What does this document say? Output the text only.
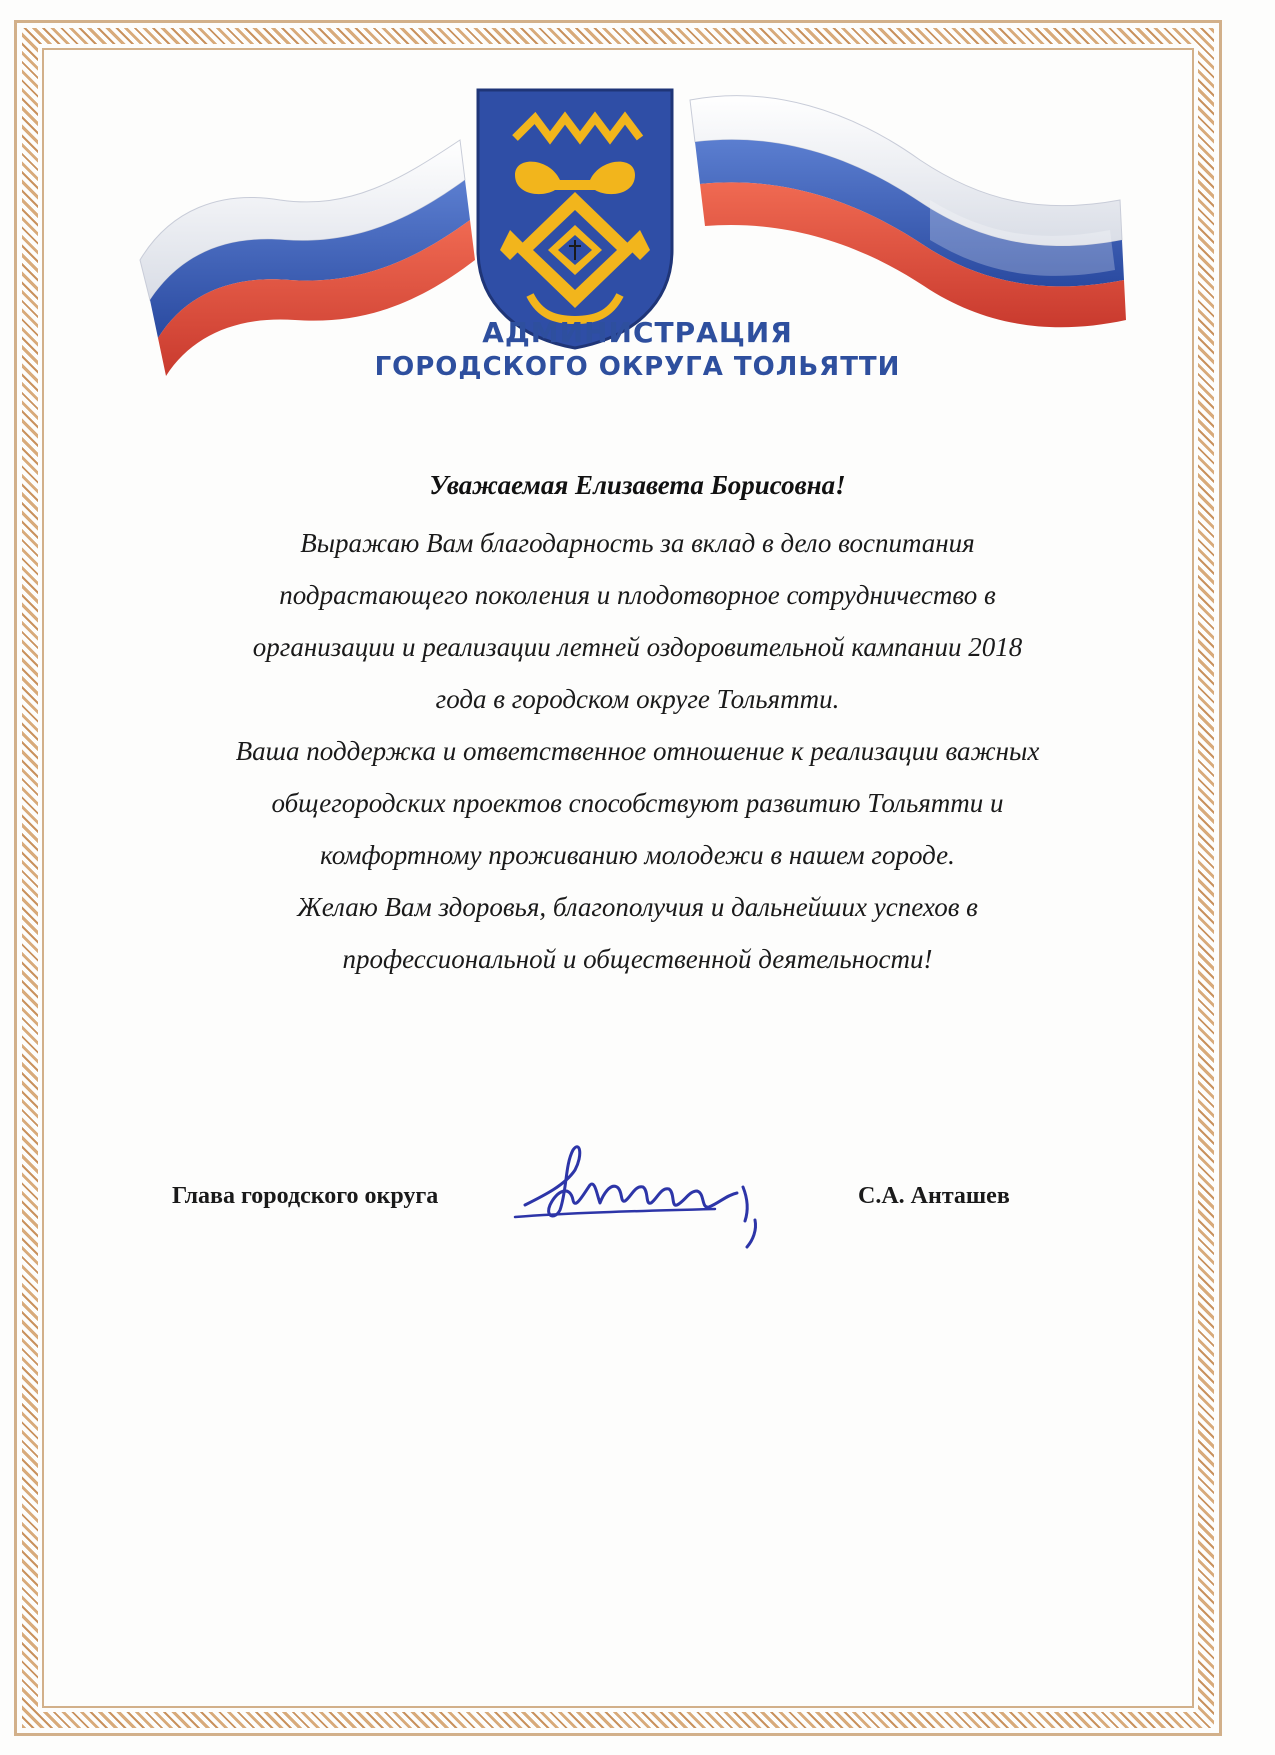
АДМИНИСТРАЦИЯ
ГОРОДСКОГО ОКРУГА ТОЛЬЯТТИ
Уважаемая Елизавета Борисовна!
Выражаю Вам благодарность за вклад в дело воспитания
подрастающего поколения и плодотворное сотрудничество в
организации и реализации летней оздоровительной кампании 2018
года в городском округе Тольятти.
Ваша поддержка и ответственное отношение к реализации важных
общегородских проектов способствуют развитию Тольятти и
комфортному проживанию молодежи в нашем городе.
Желаю Вам здоровья, благополучия и дальнейших успехов в
профессиональной и общественной деятельности!
Глава городского округа	С.А. Анташев
